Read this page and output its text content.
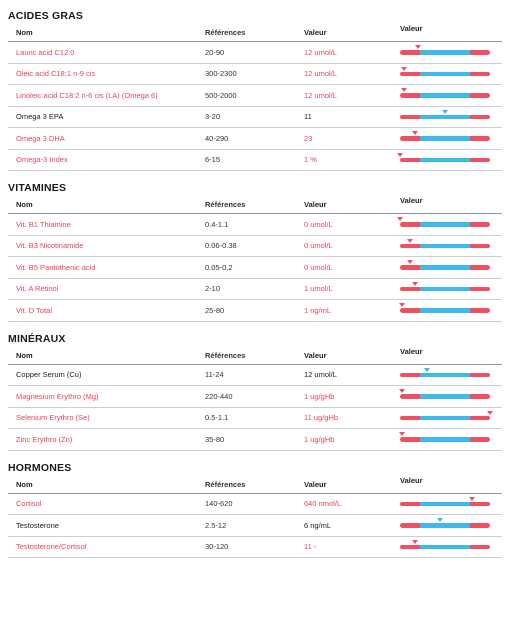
ACIDES GRAS
Nom	Références	Valeur	Valeur
Lauric acid C12:0	20-90	12 umol/L
Oleic acid C18:1 n-9 cis	300-2300	12 umol/L
Linoleic acid C18:2 n-6 cis (LA) (Omega 6)	500-2000	12 umol/L
Omega 3 EPA	3-20	11
Omega 3 DHA	40-290	23
Omega-3 Index	6-15	1 %
VITAMINES
Nom	Références	Valeur	Valeur
Vit. B1 Thiamine	0.4-1.1	0 umol/L
Vit. B3 Nicotinamide	0.06-0.38	0 umol/L
Vit. B5 Pantothenic acid	0.05-0.2	0 umol/L
Vit. A Retinol	2-10	1 umol/L
Vit. D Total	25-80	1 ng/mL
MINÉRAUX
Nom	Références	Valeur	Valeur
Copper Serum (Cu)	11-24	12 umol/L
Magnesium Erythro (Mg)	220-440	1 ug/gHb
Selenium Erythro (Se)	0.5-1.1	11 ug/gHb
Zinc Erythro (Zn)	35-80	1 ug/gHb
HORMONES
Nom	Références	Valeur	Valeur
Cortisol	140-620	640 nmol/L
Testosterone	2.5-12	6 ng/mL
Testosterone/Cortisol	30-120	11 -
